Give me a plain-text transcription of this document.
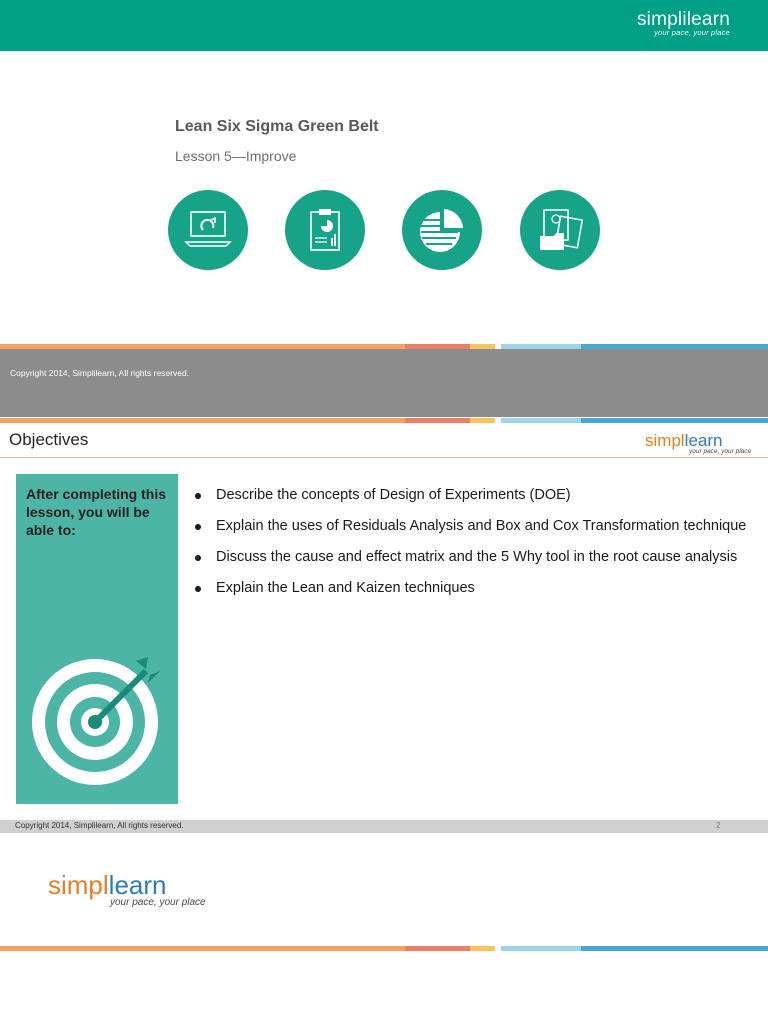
simplilearn
your pace, your place
Lean Six Sigma Green Belt
Lesson 5—Improve
Copyright 2014, Simplilearn, All rights reserved.
Objectives	simpllearn
your pace, your place
After completing this lesson, you will be able to:
Describe the concepts of Design of Experiments (DOE)
Explain the uses of Residuals Analysis and Box and Cox Transformation technique
Discuss the cause and effect matrix and the 5 Why tool in the root cause analysis
Explain the Lean and Kaizen techniques
Copyright 2014, Simplilearn, All rights reserved.	2
simpllearn
your pace, your place
